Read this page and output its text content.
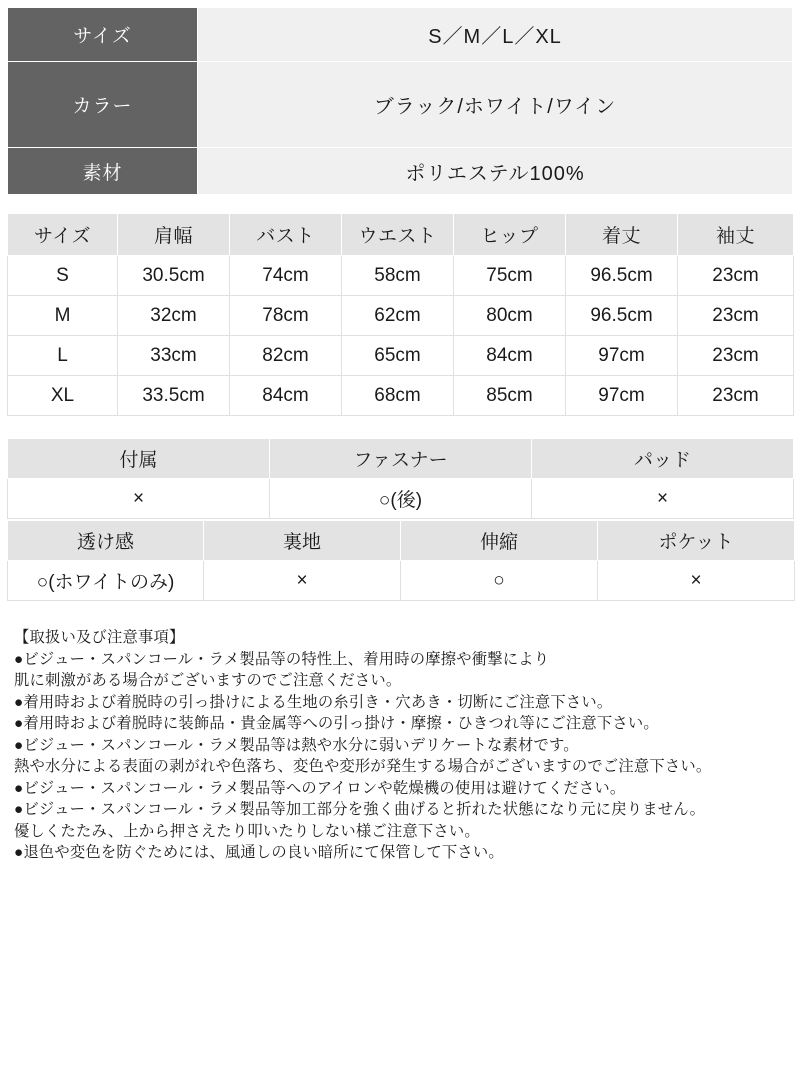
サイズ	S／M／L／XL
カラー	ブラック/ホワイト/ワイン
素材	ポリエステル100%
サイズ	肩幅	バスト	ウエスト	ヒップ	着丈	袖丈
S	30.5cm	74cm	58cm	75cm	96.5cm	23cm
M	32cm	78cm	62cm	80cm	96.5cm	23cm
L	33cm	82cm	65cm	84cm	97cm	23cm
XL	33.5cm	84cm	68cm	85cm	97cm	23cm
付属	ファスナー	パッド
×	○(後)	×
透け感	裏地	伸縮	ポケット
○(ホワイトのみ)	×	○	×
【取扱い及び注意事項】
●ビジュー・スパンコール・ラメ製品等の特性上、着用時の摩擦や衝撃により
肌に刺激がある場合がございますのでご注意ください。
●着用時および着脱時の引っ掛けによる生地の糸引き・穴あき・切断にご注意下さい。
●着用時および着脱時に装飾品・貴金属等への引っ掛け・摩擦・ひきつれ等にご注意下さい。
●ビジュー・スパンコール・ラメ製品等は熱や水分に弱いデリケートな素材です。
熱や水分による表面の剥がれや色落ち、変色や変形が発生する場合がございますのでご注意下さい。
●ビジュー・スパンコール・ラメ製品等へのアイロンや乾燥機の使用は避けてください。
●ビジュー・スパンコール・ラメ製品等加工部分を強く曲げると折れた状態になり元に戻りません。
優しくたたみ、上から押さえたり叩いたりしない様ご注意下さい。
●退色や変色を防ぐためには、風通しの良い暗所にて保管して下さい。
